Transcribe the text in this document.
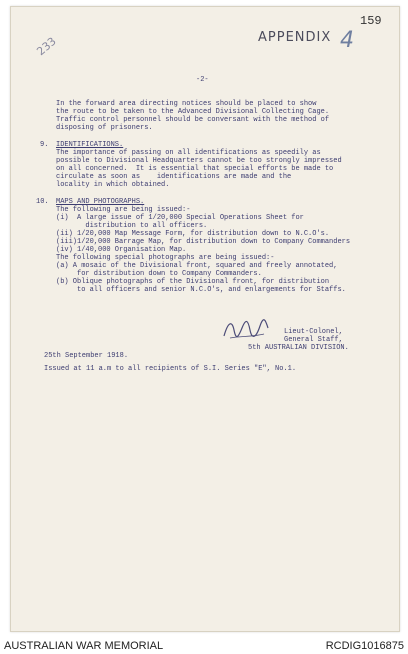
159
APPENDIX 4
233
-2-
In the forward area directing notices should be placed to show
the route to be taken to the Advanced Divisional Collecting Cage.
Traffic control personnel should be conversant with the method of
disposing of prisoners.
9. IDENTIFICATIONS.
The importance of passing on all identifications as speedily as
possible to Divisional Headquarters cannot be too strongly impressed
on all concerned.  It is essential that special efforts be made to
circulate as soon as    identifications are made and the
locality in which obtained.
10. MAPS AND PHOTOGRAPHS.
The following are being issued:-
(i)  A large issue of 1/20,000 Special Operations Sheet for
distribution to all officers.
(ii) 1/20,000 Map Message Form, for distribution down to N.C.O's.
(iii)1/20,000 Barrage Map, for distribution down to Company Commanders
(iv) 1/40,000 Organisation Map.
The following special photographs are being issued:-
(a) A mosaic of the Divisional front, squared and freely annotated,
for distribution down to Company Commanders.
(b) Oblique photographs of the Divisional front, for distribution
to all officers and senior N.C.O's, and enlargements for Staffs.
Lieut-Colonel,
General Staff,
5th AUSTRALIAN DIVISION.
25th September 1918.
Issued at 11 a.m to all recipients of S.I. Series "E", No.1.
AUSTRALIAN WAR MEMORIAL	RCDIG1016875
